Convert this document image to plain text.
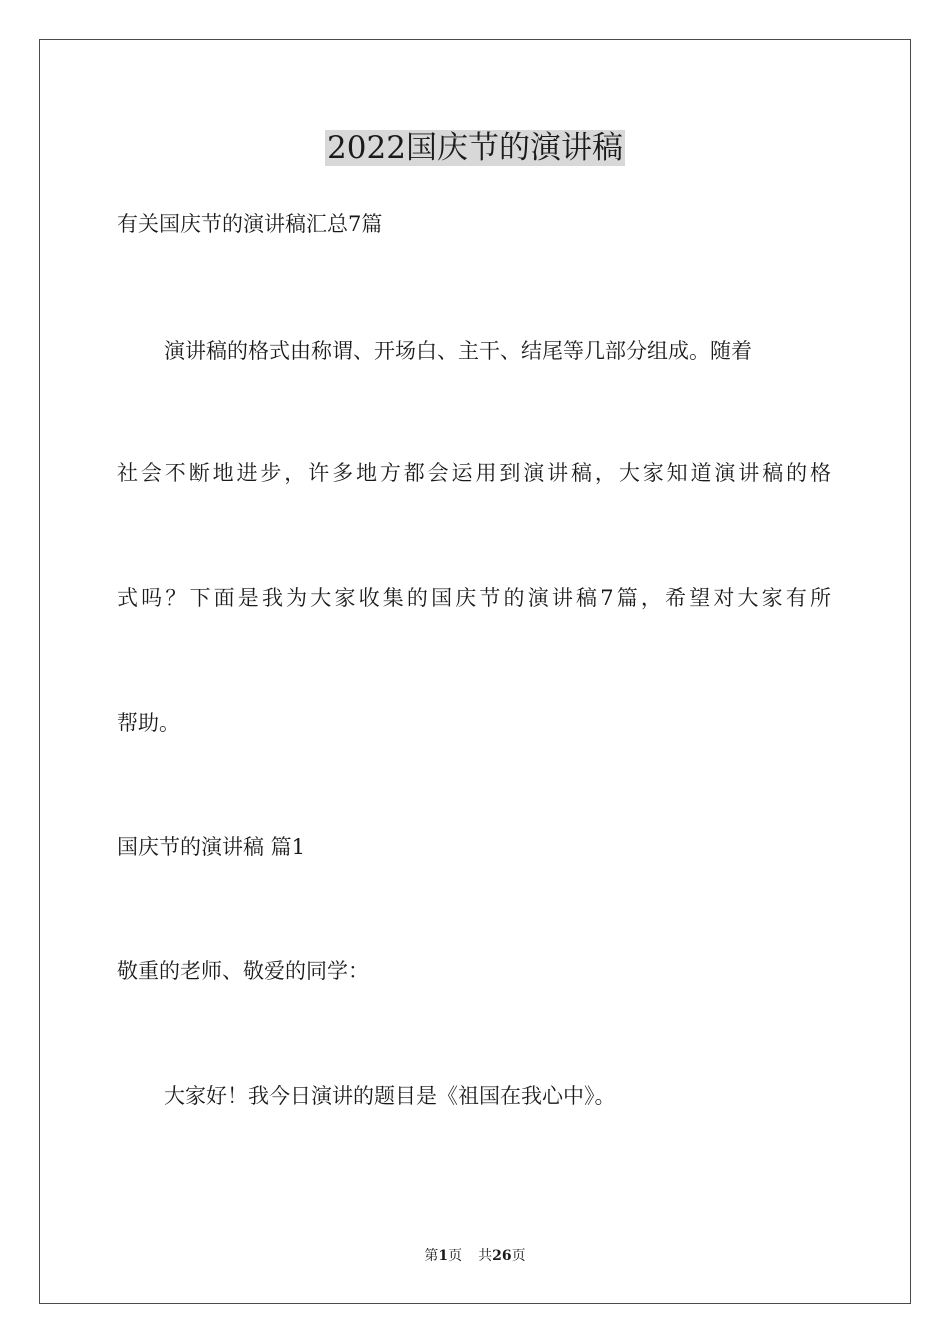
2022国庆节的演讲稿
有关国庆节的演讲稿汇总7篇
演讲稿的格式由称谓、开场白、主干、结尾等几部分组成。随着
社会不断地进步，许多地方都会运用到演讲稿，大家知道演讲稿的格
式吗？下面是我为大家收集的国庆节的演讲稿7篇，希望对大家有所
帮助。
国庆节的演讲稿 篇1
敬重的老师、敬爱的同学：
大家好！我今日演讲的题目是《祖国在我心中》。
第1页 共26页
